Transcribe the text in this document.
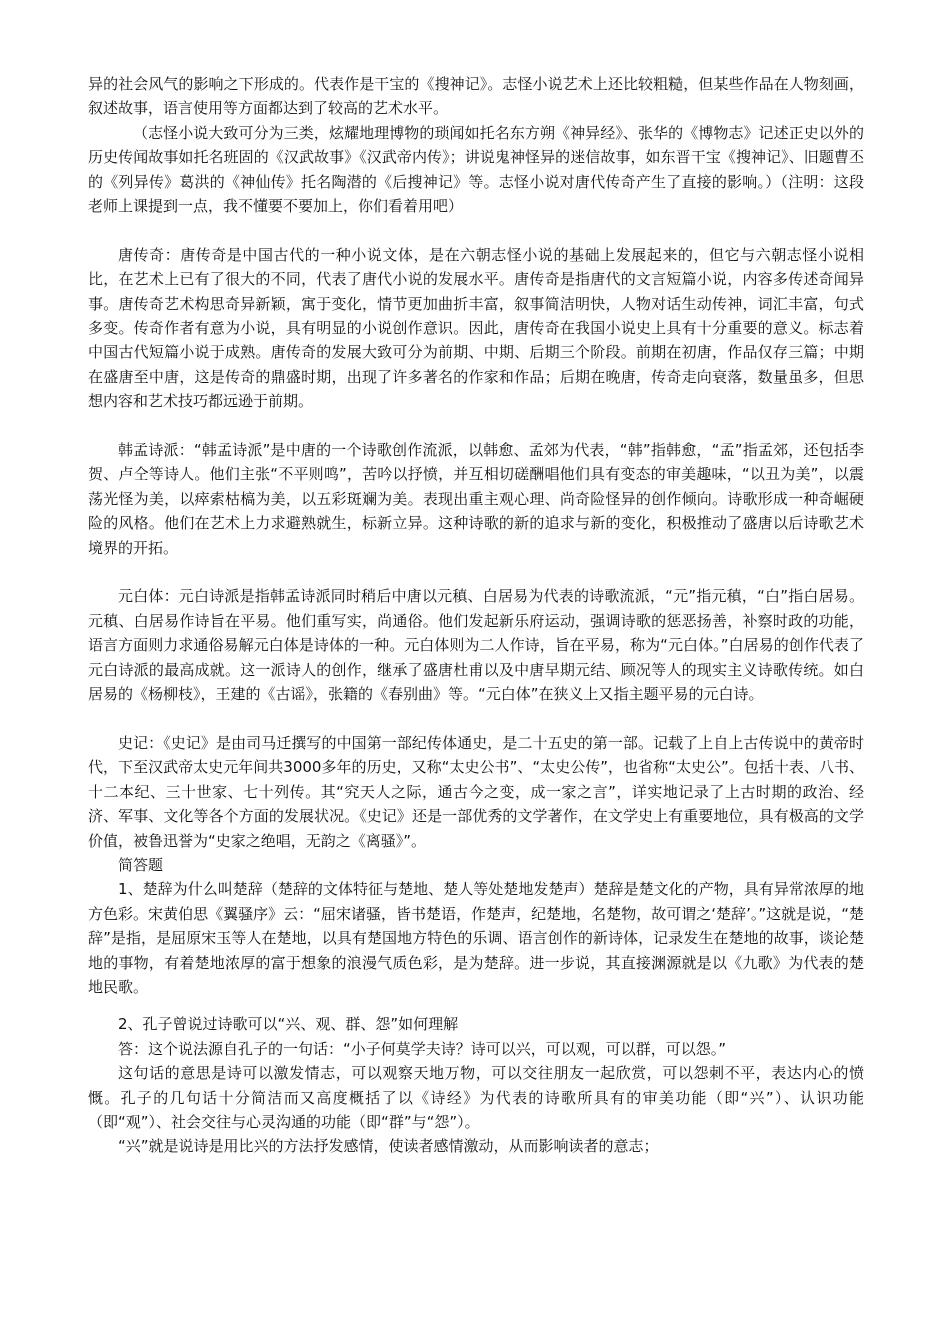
异的社会风气的影响之下形成的。代表作是干宝的《搜神记》。志怪小说艺术上还比较粗糙，但某些作品在人物刻画，叙述故事，语言使用等方面都达到了较高的艺术水平。

（志怪小说大致可分为三类，炫耀地理博物的琐闻如托名东方朔《神异经》、张华的《博物志》记述正史以外的历史传闻故事如托名班固的《汉武故事》《汉武帝内传》；讲说鬼神怪异的迷信故事，如东晋干宝《搜神记》、旧题曹丕的《列异传》葛洪的《神仙传》托名陶潜的《后搜神记》等。志怪小说对唐代传奇产生了直接的影响。）（注明：这段老师上课提到一点，我不懂要不要加上，你们看着用吧）

唐传奇：唐传奇是中国古代的一种小说文体，是在六朝志怪小说的基础上发展起来的，但它与六朝志怪小说相比，在艺术上已有了很大的不同，代表了唐代小说的发展水平。唐传奇是指唐代的文言短篇小说，内容多传述奇闻异事。唐传奇艺术构思奇异新颖，寓于变化，情节更加曲折丰富，叙事简洁明快，人物对话生动传神，词汇丰富，句式多变。传奇作者有意为小说，具有明显的小说创作意识。因此，唐传奇在我国小说史上具有十分重要的意义。标志着中国古代短篇小说于成熟。唐传奇的发展大致可分为前期、中期、后期三个阶段。前期在初唐，作品仅存三篇；中期在盛唐至中唐，这是传奇的鼎盛时期，出现了许多著名的作家和作品；后期在晚唐，传奇走向衰落，数量虽多，但思想内容和艺术技巧都远逊于前期。

韩孟诗派：“韩孟诗派”是中唐的一个诗歌创作流派，以韩愈、孟郊为代表，“韩”指韩愈，“孟”指孟郊，还包括李贺、卢仝等诗人。他们主张“不平则鸣”，苦吟以抒愤，并互相切磋酬唱他们具有变态的审美趣味，“以丑为美”，以震荡光怪为美，以瘁索枯槁为美，以五彩斑斓为美。表现出重主观心理、尚奇险怪异的创作倾向。诗歌形成一种奇崛硬险的风格。他们在艺术上力求避熟就生，标新立异。这种诗歌的新的追求与新的变化，积极推动了盛唐以后诗歌艺术境界的开拓。

元白体：元白诗派是指韩孟诗派同时稍后中唐以元稹、白居易为代表的诗歌流派，“元”指元稹，“白”指白居易。元稹、白居易作诗旨在平易。他们重写实，尚通俗。他们发起新乐府运动，强调诗歌的惩恶扬善，补察时政的功能，语言方面则力求通俗易解元白体是诗体的一种。元白体则为二人作诗，旨在平易，称为“元白体。”白居易的创作代表了元白诗派的最高成就。这一派诗人的创作，继承了盛唐杜甫以及中唐早期元结、顾况等人的现实主义诗歌传统。如白居易的《杨柳枝》，王建的《古谣》，张籍的《春别曲》等。“元白体”在狭义上又指主题平易的元白诗。

史记：《史记》是由司马迁撰写的中国第一部纪传体通史，是二十五史的第一部。记载了上自上古传说中的黄帝时代，下至汉武帝太史元年间共3000多年的历史，又称“太史公书”、“太史公传”，也省称“太史公”。包括十表、八书、十二本纪、三十世家、七十列传。其“究天人之际，通古今之变，成一家之言”，详实地记录了上古时期的政治、经济、军事、文化等各个方面的发展状况。《史记》还是一部优秀的文学著作，在文学史上有重要地位，具有极高的文学价值，被鲁迅誉为“史家之绝唱，无韵之《离骚》”。

简答题

1、楚辞为什么叫楚辞（楚辞的文体特征与楚地、楚人等处楚地发楚声）楚辞是楚文化的产物，具有异常浓厚的地方色彩。宋黄伯思《翼骚序》云：“屈宋诸骚，皆书楚语，作楚声，纪楚地，名楚物，故可谓之‘楚辞’。”这就是说，“楚辞”是指，是屈原宋玉等人在楚地，以具有楚国地方特色的乐调、语言创作的新诗体，记录发生在楚地的故事，谈论楚地的事物，有着楚地浓厚的富于想象的浪漫气质色彩，是为楚辞。进一步说，其直接渊源就是以《九歌》为代表的楚地民歌。

2、孔子曾说过诗歌可以“兴、观、群、怨”如何理解

答：这个说法源自孔子的一句话：“小子何莫学夫诗？诗可以兴，可以观，可以群，可以怨。”

这句话的意思是诗可以激发情志，可以观察天地万物，可以交往朋友一起欣赏，可以怨刺不平，表达内心的愤慨。孔子的几句话十分简洁而又高度概括了以《诗经》为代表的诗歌所具有的审美功能（即“兴”）、认识功能（即“观”）、社会交往与心灵沟通的功能（即“群”与“怨”）。

“兴”就是说诗是用比兴的方法抒发感情，使读者感情激动，从而影响读者的意志；
